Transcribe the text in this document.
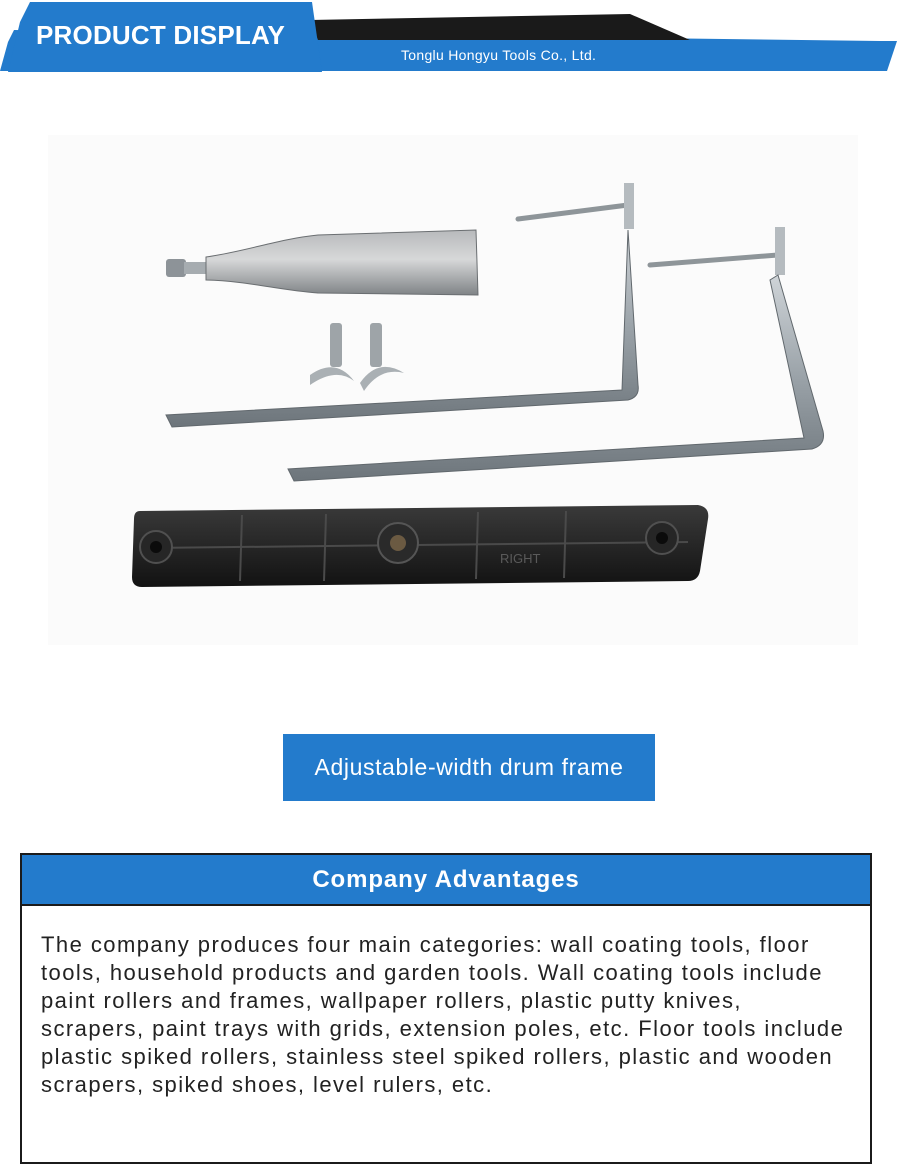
PRODUCT DISPLAY
Tonglu Hongyu Tools Co., Ltd.
RIGHT
Adjustable-width drum frame
Company Advantages

The company produces four main categories: wall coating tools, floor tools, household products and garden tools. Wall coating tools include paint rollers and frames, wallpaper rollers, plastic putty knives, scrapers, paint trays with grids, extension poles, etc. Floor tools include plastic spiked rollers, stainless steel spiked rollers, plastic and wooden scrapers, spiked shoes, level rulers, etc.
